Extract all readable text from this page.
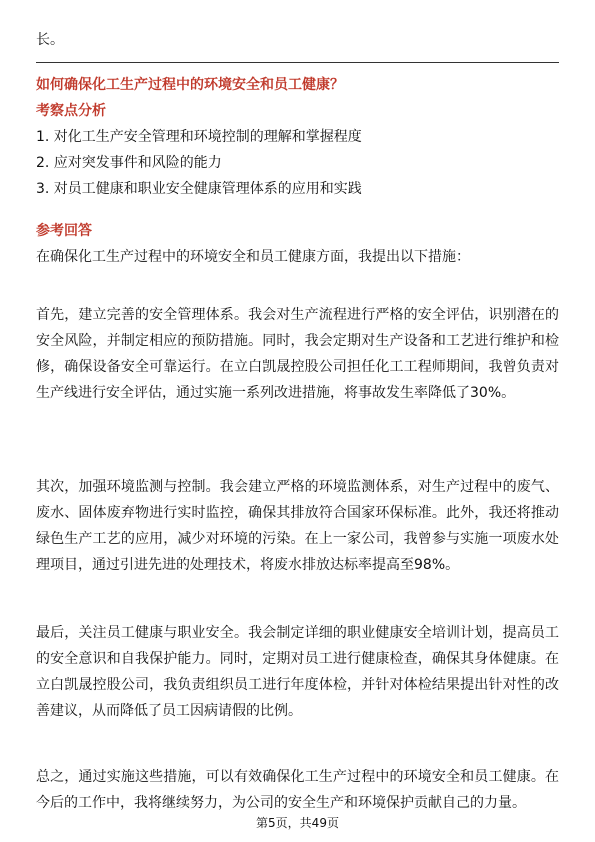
长。

如何确保化工生产过程中的环境安全和员工健康？

考察点分析

1. 对化工生产安全管理和环境控制的理解和掌握程度
2. 应对突发事件和风险的能力
3. 对员工健康和职业安全健康管理体系的应用和实践

参考回答

在确保化工生产过程中的环境安全和员工健康方面，我提出以下措施：

首先，建立完善的安全管理体系。我会对生产流程进行严格的安全评估，识别潜在的安全风险，并制定相应的预防措施。同时，我会定期对生产设备和工艺进行维护和检修，确保设备安全可靠运行。在立白凯晟控股公司担任化工工程师期间，我曾负责对生产线进行安全评估，通过实施一系列改进措施，将事故发生率降低了30%。

其次，加强环境监测与控制。我会建立严格的环境监测体系，对生产过程中的废气、废水、固体废弃物进行实时监控，确保其排放符合国家环保标准。此外，我还将推动绿色生产工艺的应用，减少对环境的污染。在上一家公司，我曾参与实施一项废水处理项目，通过引进先进的处理技术，将废水排放达标率提高至98%。

最后，关注员工健康与职业安全。我会制定详细的职业健康安全培训计划，提高员工的安全意识和自我保护能力。同时，定期对员工进行健康检查，确保其身体健康。在立白凯晟控股公司，我负责组织员工进行年度体检，并针对体检结果提出针对性的改善建议，从而降低了员工因病请假的比例。

总之，通过实施这些措施，可以有效确保化工生产过程中的环境安全和员工健康。在今后的工作中，我将继续努力，为公司的安全生产和环境保护贡献自己的力量。

第5页，共49页
